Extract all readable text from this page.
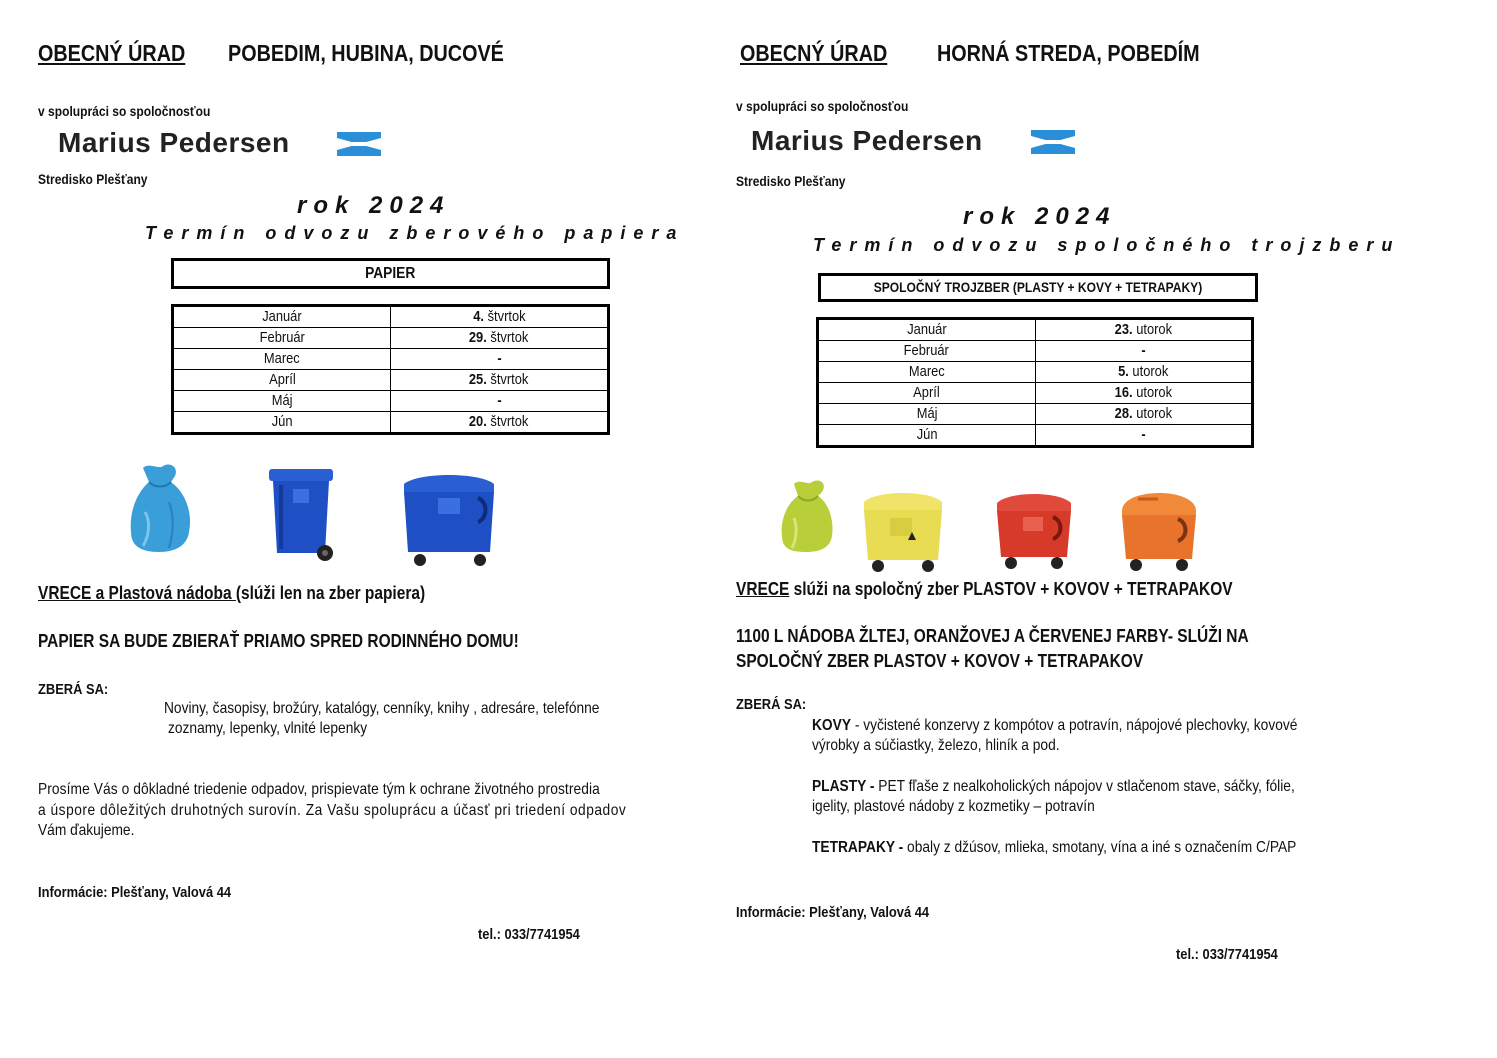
OBECNÝ ÚRAD POBEDIM, HUBINA, DUCOVÉ
v spolupráci so spoločnosťou
Marius Pedersen
Stredisko Plešťany
rok 2024
Termín odvozu zberového papiera
PAPIER
Január	4. štvrtok
Február	29. štvrtok
Marec	-
Apríl	25. štvrtok
Máj	-
Jún	20. štvrtok
VRECE a Plastová nádoba (slúži len na zber papiera)
PAPIER SA BUDE ZBIERAŤ PRIAMO SPRED RODINNÉHO DOMU!
ZBERÁ SA:
Noviny, časopisy, brožúry, katalógy, cenníky, knihy , adresáre, telefónne
zoznamy, lepenky, vlnité lepenky
Prosíme Vás o dôkladné triedenie odpadov, prispievate tým k ochrane životného prostredia
a úspore dôležitých druhotných surovín. Za Vašu spoluprácu a účasť pri triedení odpadov
Vám ďakujeme.
Informácie: Plešťany, Valová 44
tel.: 033/7741954
OBECNÝ ÚRAD HORNÁ STREDA, POBEDÍM
v spolupráci so spoločnosťou
Marius Pedersen
Stredisko Plešťany
rok 2024
Termín odvozu spoločného trojzberu
SPOLOČNÝ TROJZBER (PLASTY + KOVY + TETRAPAKY)
Január	23. utorok
Február	-
Marec	5. utorok
Apríl	16. utorok
Máj	28. utorok
Jún	-
VRECE slúži na spoločný zber PLASTOV + KOVOV + TETRAPAKOV
1100 L NÁDOBA ŽLTEJ, ORANŽOVEJ A ČERVENEJ FARBY- SLÚŽI NA
SPOLOČNÝ ZBER PLASTOV + KOVOV + TETRAPAKOV
ZBERÁ SA:
KOVY - vyčistené konzervy z kompótov a potravín, nápojové plechovky, kovové
výrobky a súčiastky, železo, hliník a pod.
PLASTY - PET fľaše z nealkoholických nápojov v stlačenom stave, sáčky, fólie,
igelity, plastové nádoby z kozmetiky – potravín
TETRAPAKY - obaly z džúsov, mlieka, smotany, vína a iné s označením C/PAP
Informácie: Plešťany, Valová 44
tel.: 033/7741954
